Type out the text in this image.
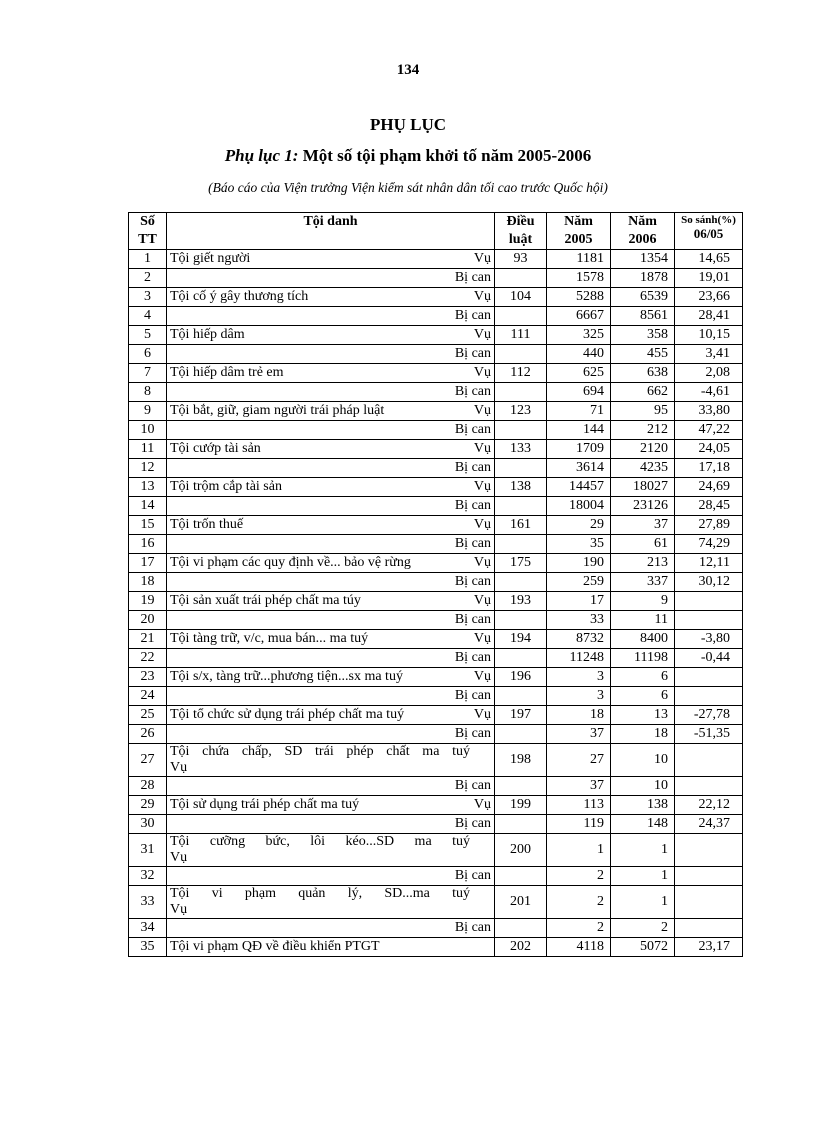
134
PHỤ LỤC
Phụ lục 1: Một số tội phạm khởi tố năm 2005-2006
(Báo cáo của Viện trưởng Viện kiểm sát nhân dân tối cao trước Quốc hội)
Số TT	Tội danh	Điều luật	Năm 2005	Năm 2006	So sánh(%)
06/05
1	Tội giết người Vụ	93	1181	1354	14,65
2	Bị can		1578	1878	19,01
3	Tội cố ý gây thương tích Vụ	104	5288	6539	23,66
4	Bị can		6667	8561	28,41
5	Tội hiếp dâm Vụ	111	325	358	10,15
6	Bị can		440	455	3,41
7	Tội hiếp dâm trẻ em Vụ	112	625	638	2,08
8	Bị can		694	662	-4,61
9	Tội bắt, giữ, giam người trái pháp luật Vụ	123	71	95	33,80
10	Bị can		144	212	47,22
11	Tội cướp tài sản Vụ	133	1709	2120	24,05
12	Bị can		3614	4235	17,18
13	Tội trộm cắp tài sản Vụ	138	14457	18027	24,69
14	Bị can		18004	23126	28,45
15	Tội trốn thuế Vụ	161	29	37	27,89
16	Bị can		35	61	74,29
17	Tội vi phạm các quy định về... bảo vệ rừng Vụ	175	190	213	12,11
18	Bị can		259	337	30,12
19	Tội sản xuất trái phép chất ma túy Vụ	193	17	9	
20	Bị can		33	11	
21	Tội tàng trữ, v/c, mua bán... ma tuý Vụ	194	8732	8400	-3,80
22	Bị can		11248	11198	-0,44
23	Tội s/x, tàng trữ...phương tiện...sx ma tuý Vụ	196	3	6	
24	Bị can		3	6	
25	Tội tổ chức sử dụng trái phép chất ma tuý Vụ	197	18	13	-27,78
26	Bị can		37	18	-51,35
27	Tội chứa chấp, SD trái phép chất ma tuý
Vụ	198	27	10	
28	Bị can		37	10	
29	Tội sử dụng trái phép chất ma tuý Vụ	199	113	138	22,12
30	Bị can		119	148	24,37
31	Tội cưỡng bức, lôi kéo...SD ma tuý
Vụ	200	1	1	
32	Bị can		2	1	
33	Tội vi phạm quản lý, SD...ma tuý
Vụ	201	2	1	
34	Bị can		2	2	
35	Tội vi phạm QĐ về điều khiển PTGT	202	4118	5072	23,17
